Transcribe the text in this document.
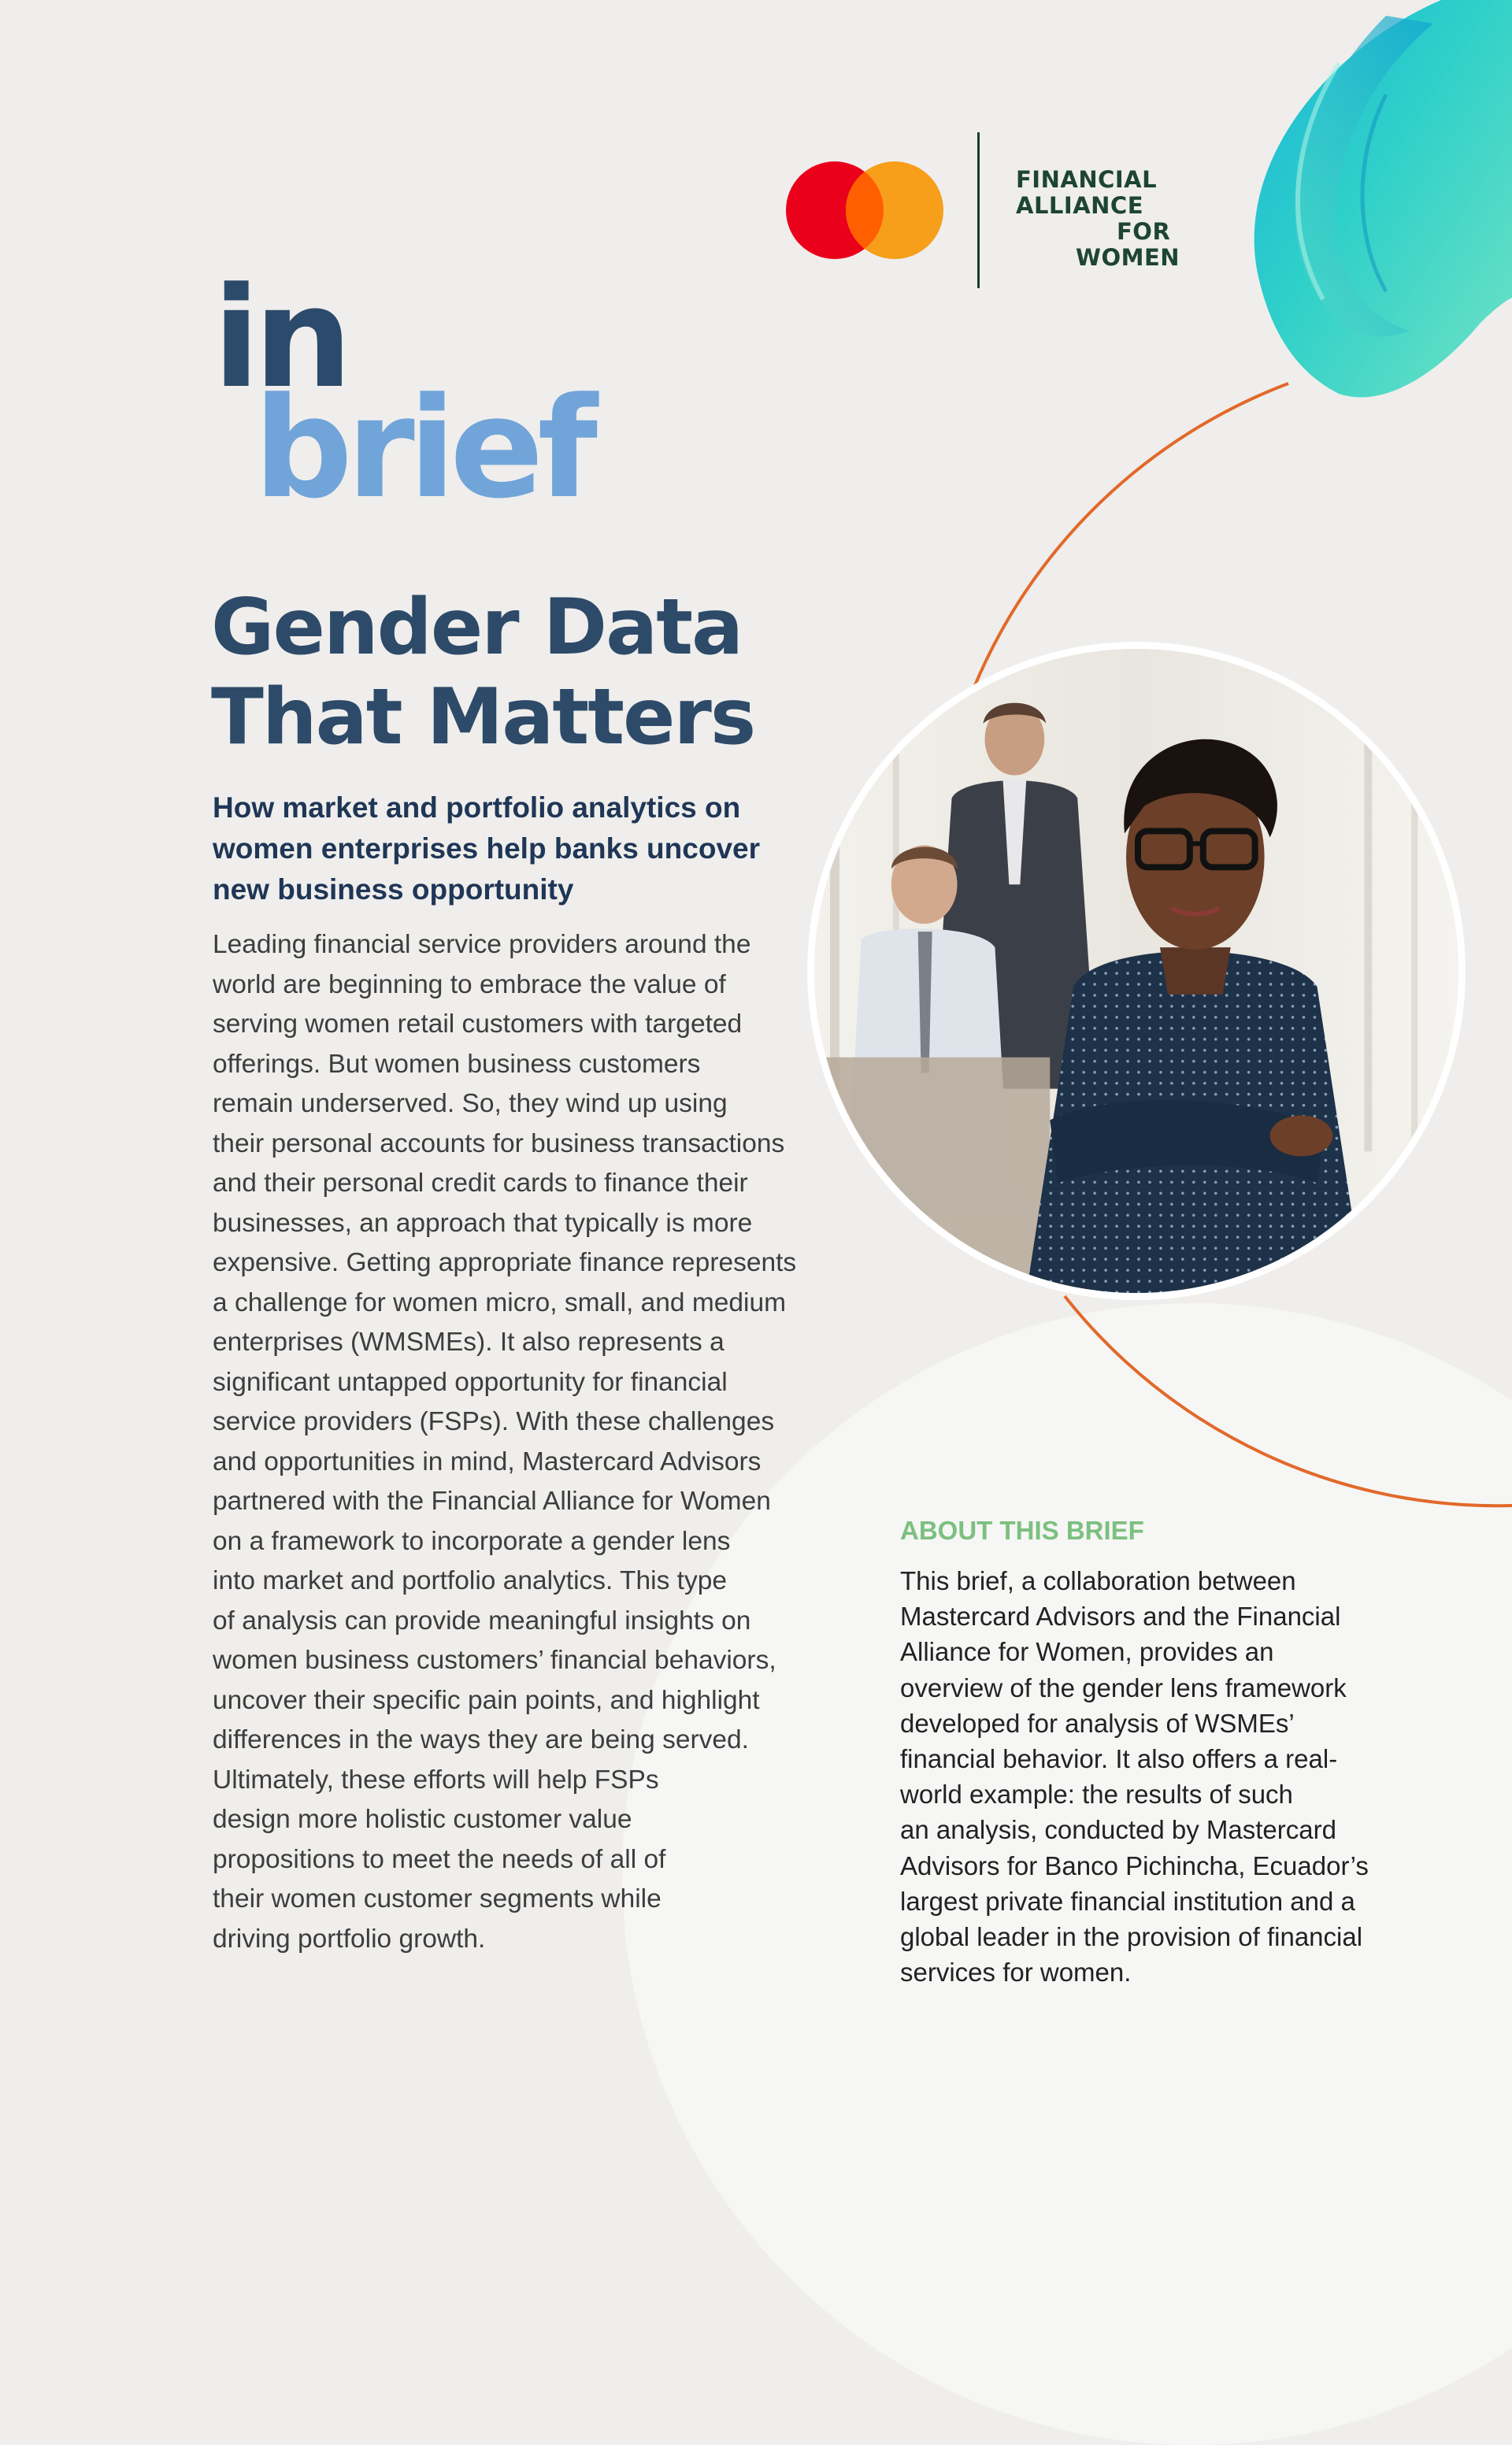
FINANCIAL
ALLIANCE
FOR
WOMEN
in
brief
Gender Data
That Matters
How market and portfolio analytics on
women enterprises help banks uncover
new business opportunity

Leading financial service providers around the
world are beginning to embrace the value of
serving women retail customers with targeted
offerings. But women business customers
remain underserved. So, they wind up using
their personal accounts for business transactions
and their personal credit cards to finance their
businesses, an approach that typically is more
expensive. Getting appropriate finance represents
a challenge for women micro, small, and medium
enterprises (WMSMEs). It also represents a
significant untapped opportunity for financial
service providers (FSPs). With these challenges
and opportunities in mind, Mastercard Advisors
partnered with the Financial Alliance for Women
on a framework to incorporate a gender lens
into market and portfolio analytics. This type
of analysis can provide meaningful insights on
women business customers’ financial behaviors,
uncover their specific pain points, and highlight
differences in the ways they are being served.
Ultimately, these efforts will help FSPs
design more holistic customer value
propositions to meet the needs of all of
their women customer segments while
driving portfolio growth.

ABOUT THIS BRIEF

This brief, a collaboration between
Mastercard Advisors and the Financial
Alliance for Women, provides an
overview of the gender lens framework
developed for analysis of WSMEs’
financial behavior. It also offers a real-
world example: the results of such
an analysis, conducted by Mastercard
Advisors for Banco Pichincha, Ecuador’s
largest private financial institution and a
global leader in the provision of financial
services for women.
